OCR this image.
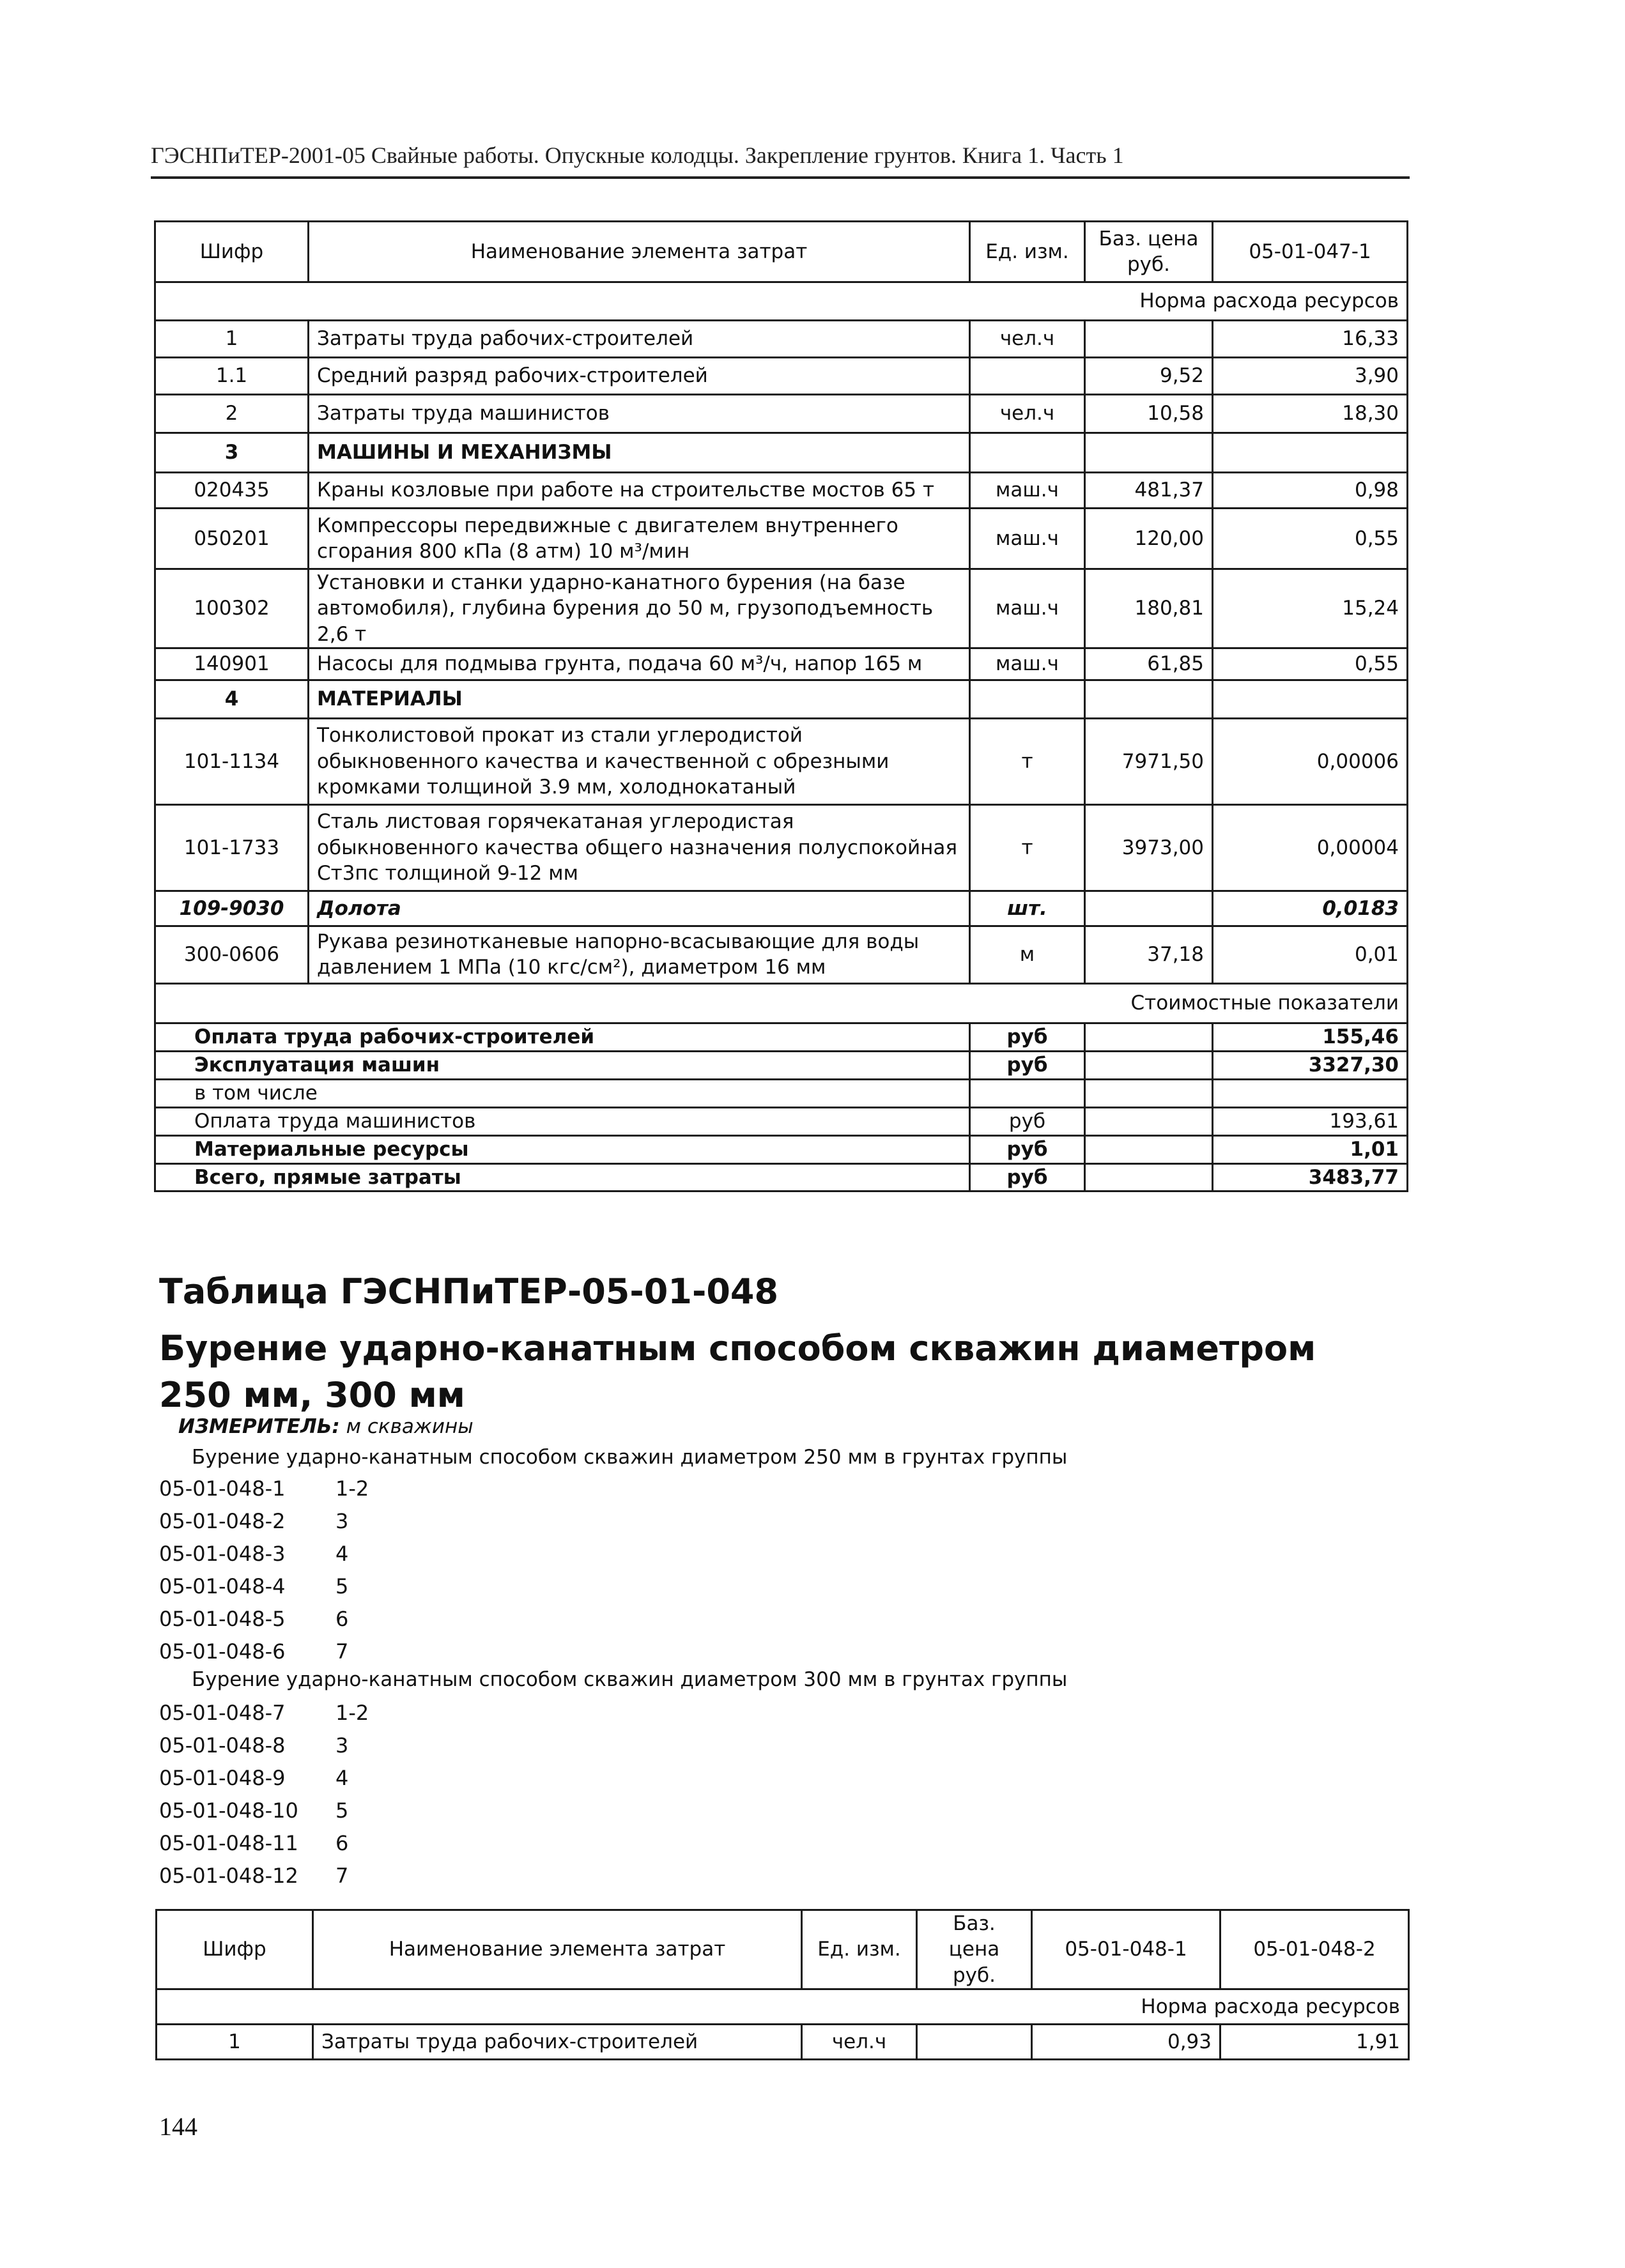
ГЭСНПиТЕР-2001-05 Свайные работы. Опускные колодцы. Закрепление грунтов. Книга 1. Часть 1
Шифр	Наименование элемента затрат	Ед. изм.	Баз. цена руб.	05-01-047-1
Норма расхода ресурсов				
1	Затраты труда рабочих-строителей	чел.ч		16,33
1.1	Средний разряд рабочих-строителей		9,52	3,90
2	Затраты труда машинистов	чел.ч	10,58	18,30
3	МАШИНЫ И МЕХАНИЗМЫ			
020435	Краны козловые при работе на строительстве мостов 65 т	маш.ч	481,37	0,98
050201	Компрессоры передвижные с двигателем внутреннего сгорания 800 кПа (8 атм) 10 м³/мин	маш.ч	120,00	0,55
100302	Установки и станки ударно-канатного бурения (на базе автомобиля), глубина бурения до 50 м, грузоподъемность 2,6 т	маш.ч	180,81	15,24
140901	Насосы для подмыва грунта, подача 60 м³/ч, напор 165 м	маш.ч	61,85	0,55
4	МАТЕРИАЛЫ			
101-1134	Тонколистовой прокат из стали углеродистой обыкновенного качества и качественной с обрезными кромками толщиной 3.9 мм, холоднокатаный	т	7971,50	0,00006
101-1733	Сталь листовая горячекатаная углеродистая обыкновенного качества общего назначения полуспокойная Ст3пс толщиной 9-12 мм	т	3973,00	0,00004
109-9030	Долота	шт.		0,0183
300-0606	Рукава резинотканевые напорно-всасывающие для воды давлением 1 МПа (10 кгс/см²), диаметром 16 мм	м	37,18	0,01
Стоимостные показатели				
Оплата труда рабочих-строителей		руб		155,46
Эксплуатация машин		руб		3327,30
в том числе				
Оплата труда машинистов		руб		193,61
Материальные ресурсы		руб		1,01
Всего, прямые затраты		руб		3483,77
Таблица ГЭСНПиТЕР-05-01-048
Бурение ударно-канатным способом скважин диаметром 250 мм, 300 мм
ИЗМЕРИТЕЛЬ: м скважины
Бурение ударно-канатным способом скважин диаметром 250 мм в грунтах группы
05-01-048-1	1-2
05-01-048-2	3
05-01-048-3	4
05-01-048-4	5
05-01-048-5	6
05-01-048-6	7
Бурение ударно-канатным способом скважин диаметром 300 мм в грунтах группы
05-01-048-7	1-2
05-01-048-8	3
05-01-048-9	4
05-01-048-10	5
05-01-048-11	6
05-01-048-12	7
Шифр	Наименование элемента затрат	Ед. изм.	Баз. цена руб.	05-01-048-1	05-01-048-2
Норма расхода ресурсов					
1	Затраты труда рабочих-строителей	чел.ч		0,93	1,91
144
